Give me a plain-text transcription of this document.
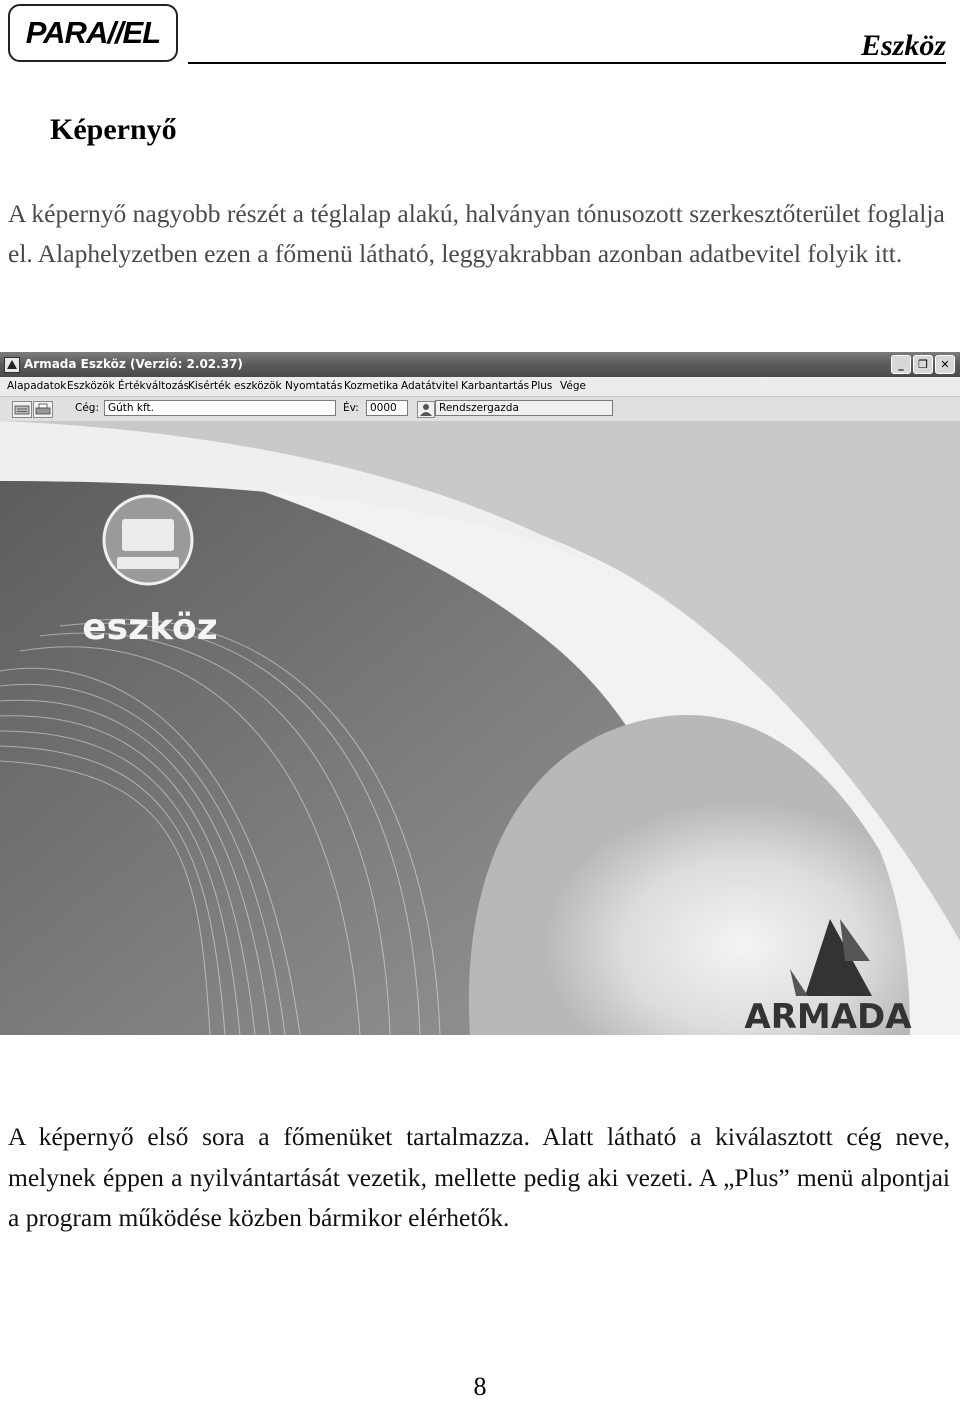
PARA//EL	Eszköz
Képernyő
A képernyő nagyobb részét a téglalap alakú, halványan tónusozott szerkesztőterület foglalja el. Alaphelyzetben ezen a főmenü látható, leggyakrabban azonban adatbevitel folyik itt.
Armada Eszköz (Verzió: 2.02.37)	_	❐	✕
Alapadatok Eszközök Értékváltozás
Kisérték eszközök Nyomtatás Kozmetika Adatátvitel Karbantartás Plus Vége
Cég: Gúth kft.	Év:	0000	Rendszergazda
eszköz
ARMADA
A képernyő első sora a főmenüket tartalmazza. Alatt látható a kiválasztott cég neve, melynek éppen a nyilvántartását vezetik, mellette pedig aki vezeti. A „Plus” menü alpontjai a program működése közben bármikor elérhetők.
8
